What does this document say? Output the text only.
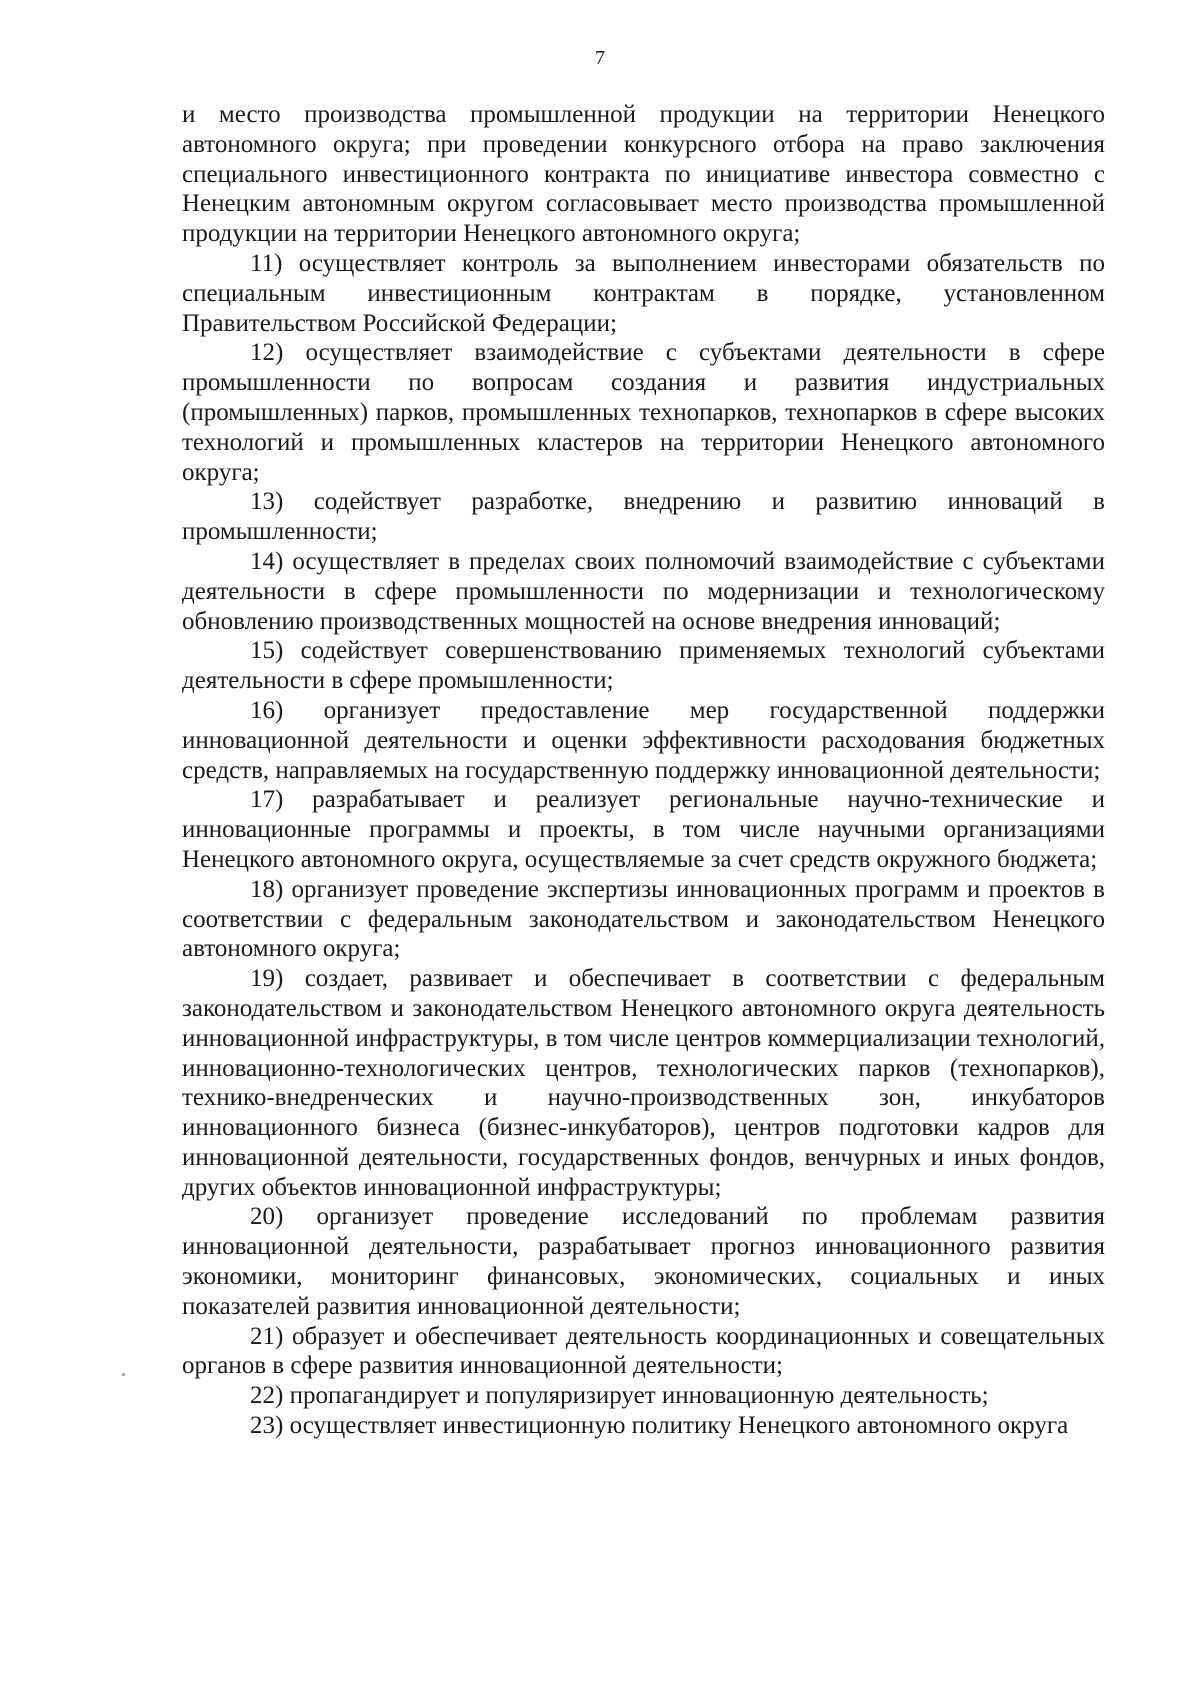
7

и место производства промышленной продукции на территории Ненецкого автономного округа; при проведении конкурсного отбора на право заключения специального инвестиционного контракта по инициативе инвестора совместно с Ненецким автономным округом согласовывает место производства промышленной продукции на территории Ненецкого автономного округа;

11) осуществляет контроль за выполнением инвесторами обязательств по специальным инвестиционным контрактам в порядке, установленном Правительством Российской Федерации;

12) осуществляет взаимодействие с субъектами деятельности в сфере промышленности по вопросам создания и развития индустриальных (промышленных) парков, промышленных технопарков, технопарков в сфере высоких технологий и промышленных кластеров на территории Ненецкого автономного округа;

13) содействует разработке, внедрению и развитию инноваций в промышленности;

14) осуществляет в пределах своих полномочий взаимодействие с субъектами деятельности в сфере промышленности по модернизации и технологическому обновлению производственных мощностей на основе внедрения инноваций;

15) содействует совершенствованию применяемых технологий субъектами деятельности в сфере промышленности;

16) организует предоставление мер государственной поддержки инновационной деятельности и оценки эффективности расходования бюджетных средств, направляемых на государственную поддержку инновационной деятельности;

17) разрабатывает и реализует региональные научно-технические и инновационные программы и проекты, в том числе научными организациями Ненецкого автономного округа, осуществляемые за счет средств окружного бюджета;

18) организует проведение экспертизы инновационных программ и проектов в соответствии с федеральным законодательством и законодательством Ненецкого автономного округа;

19) создает, развивает и обеспечивает в соответствии с федеральным законодательством и законодательством Ненецкого автономного округа деятельность инновационной инфраструктуры, в том числе центров коммерциализации технологий, инновационно-технологических центров, технологических парков (технопарков), технико-внедренческих и научно-производственных зон, инкубаторов инновационного бизнеса (бизнес-инкубаторов), центров подготовки кадров для инновационной деятельности, государственных фондов, венчурных и иных фондов, других объектов инновационной инфраструктуры;

20) организует проведение исследований по проблемам развития инновационной деятельности, разрабатывает прогноз инновационного развития экономики, мониторинг финансовых, экономических, социальных и иных показателей развития инновационной деятельности;

21) образует и обеспечивает деятельность координационных и совещательных органов в сфере развития инновационной деятельности;

22) пропагандирует и популяризирует инновационную деятельность;

23) осуществляет инвестиционную политику Ненецкого автономного округа
